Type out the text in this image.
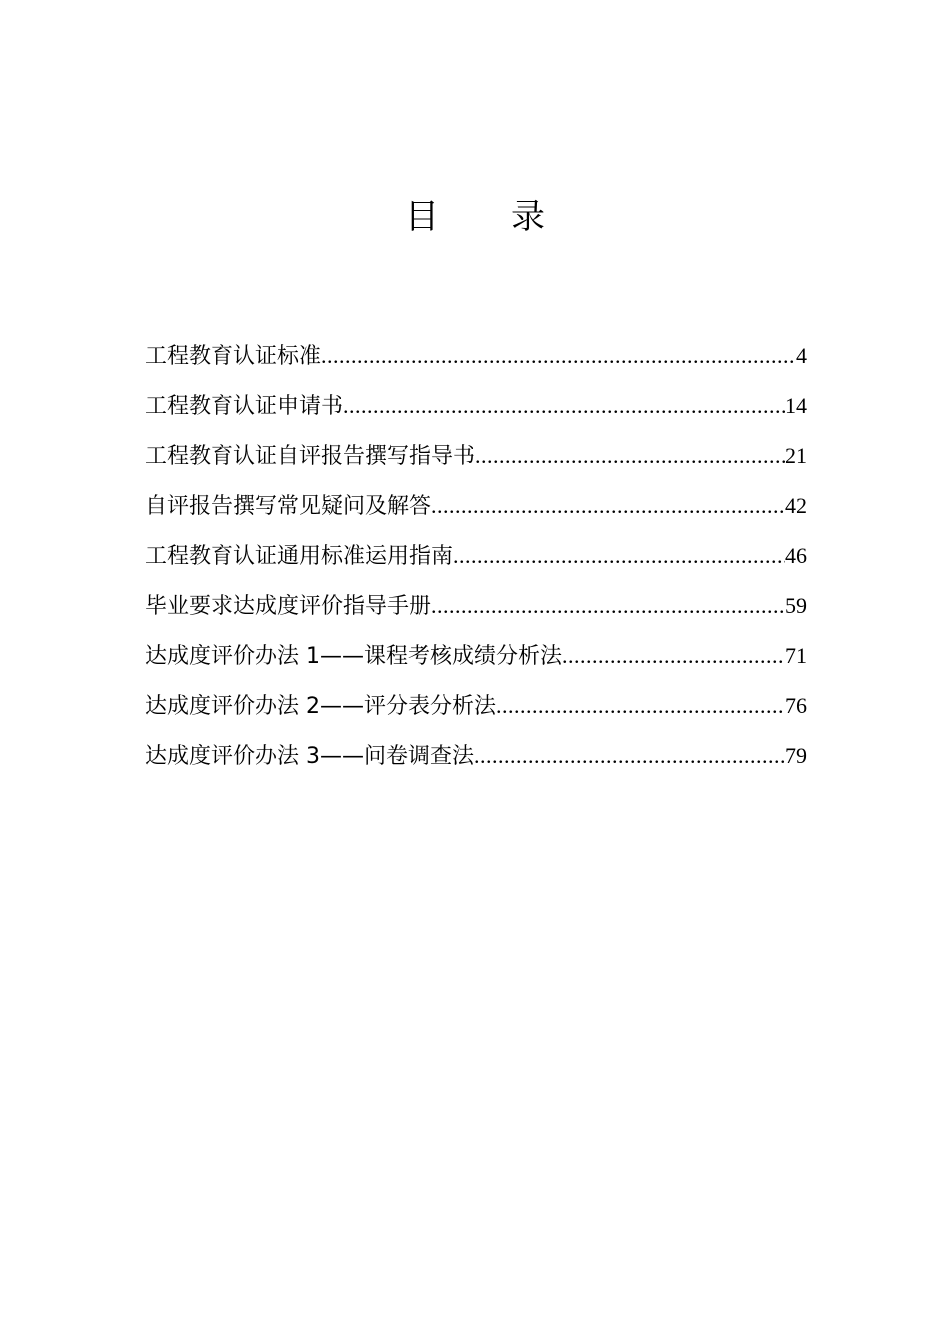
目 录
工程教育认证标准 .....	4
工程教育认证申请书 .....	14
工程教育认证自评报告撰写指导书 .....	21
自评报告撰写常见疑问及解答 .....	42
工程教育认证通用标准运用指南 .....	46
毕业要求达成度评价指导手册 .....	59
达成度评价办法 1——课程考核成绩分析法 .....	71
达成度评价办法 2——评分表分析法 .....	76
达成度评价办法 3——问卷调查法 .....	79
